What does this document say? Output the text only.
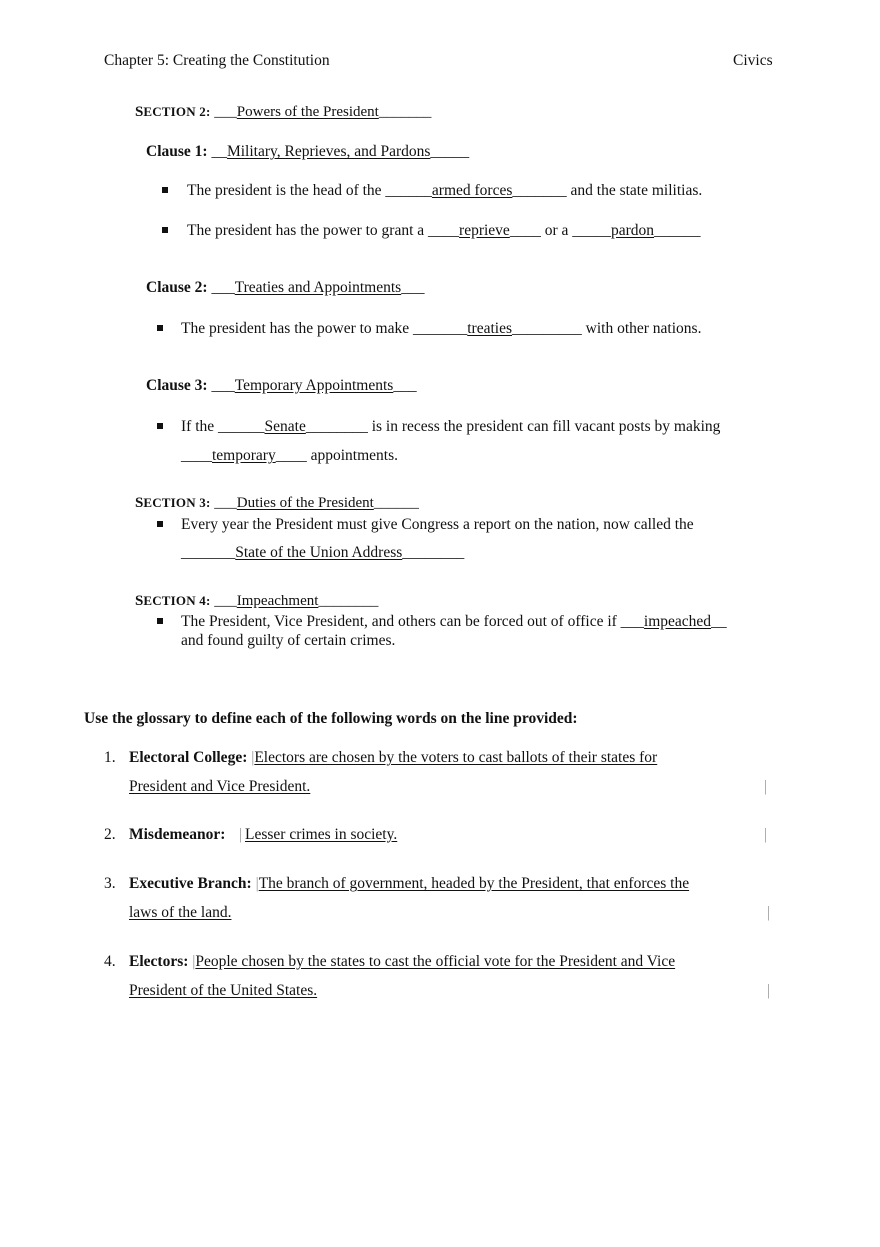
Chapter 5: Creating the Constitution	Civics
SECTION 2: ___Powers of the President_______
Clause 1: __Military, Reprieves, and Pardons_____
The president is the head of the ______armed forces_______ and the state militias.
The president has the power to grant a ____reprieve____ or a _____pardon______
Clause 2: ___Treaties and Appointments___
The president has the power to make _______treaties_________ with other nations.
Clause 3: ___Temporary Appointments___
If the ______Senate________ is in recess the president can fill vacant posts by making
____temporary____ appointments.
SECTION 3: ___Duties of the President______
Every year the President must give Congress a report on the nation, now called the
_______State of the Union Address________
SECTION 4: ___Impeachment________
The President, Vice President, and others can be forced out of office if ___impeached__
and found guilty of certain crimes.
Use the glossary to define each of the following words on the line provided:
1. Electoral College: |Electors are chosen by the voters to cast ballots of their states for
President and Vice President.	|
2. Misdemeanor: | Lesser crimes in society.	|
3. Executive Branch: |The branch of government, headed by the President, that enforces the
laws of the land.	|
4. Electors: |People chosen by the states to cast the official vote for the President and Vice
President of the United States.	|
